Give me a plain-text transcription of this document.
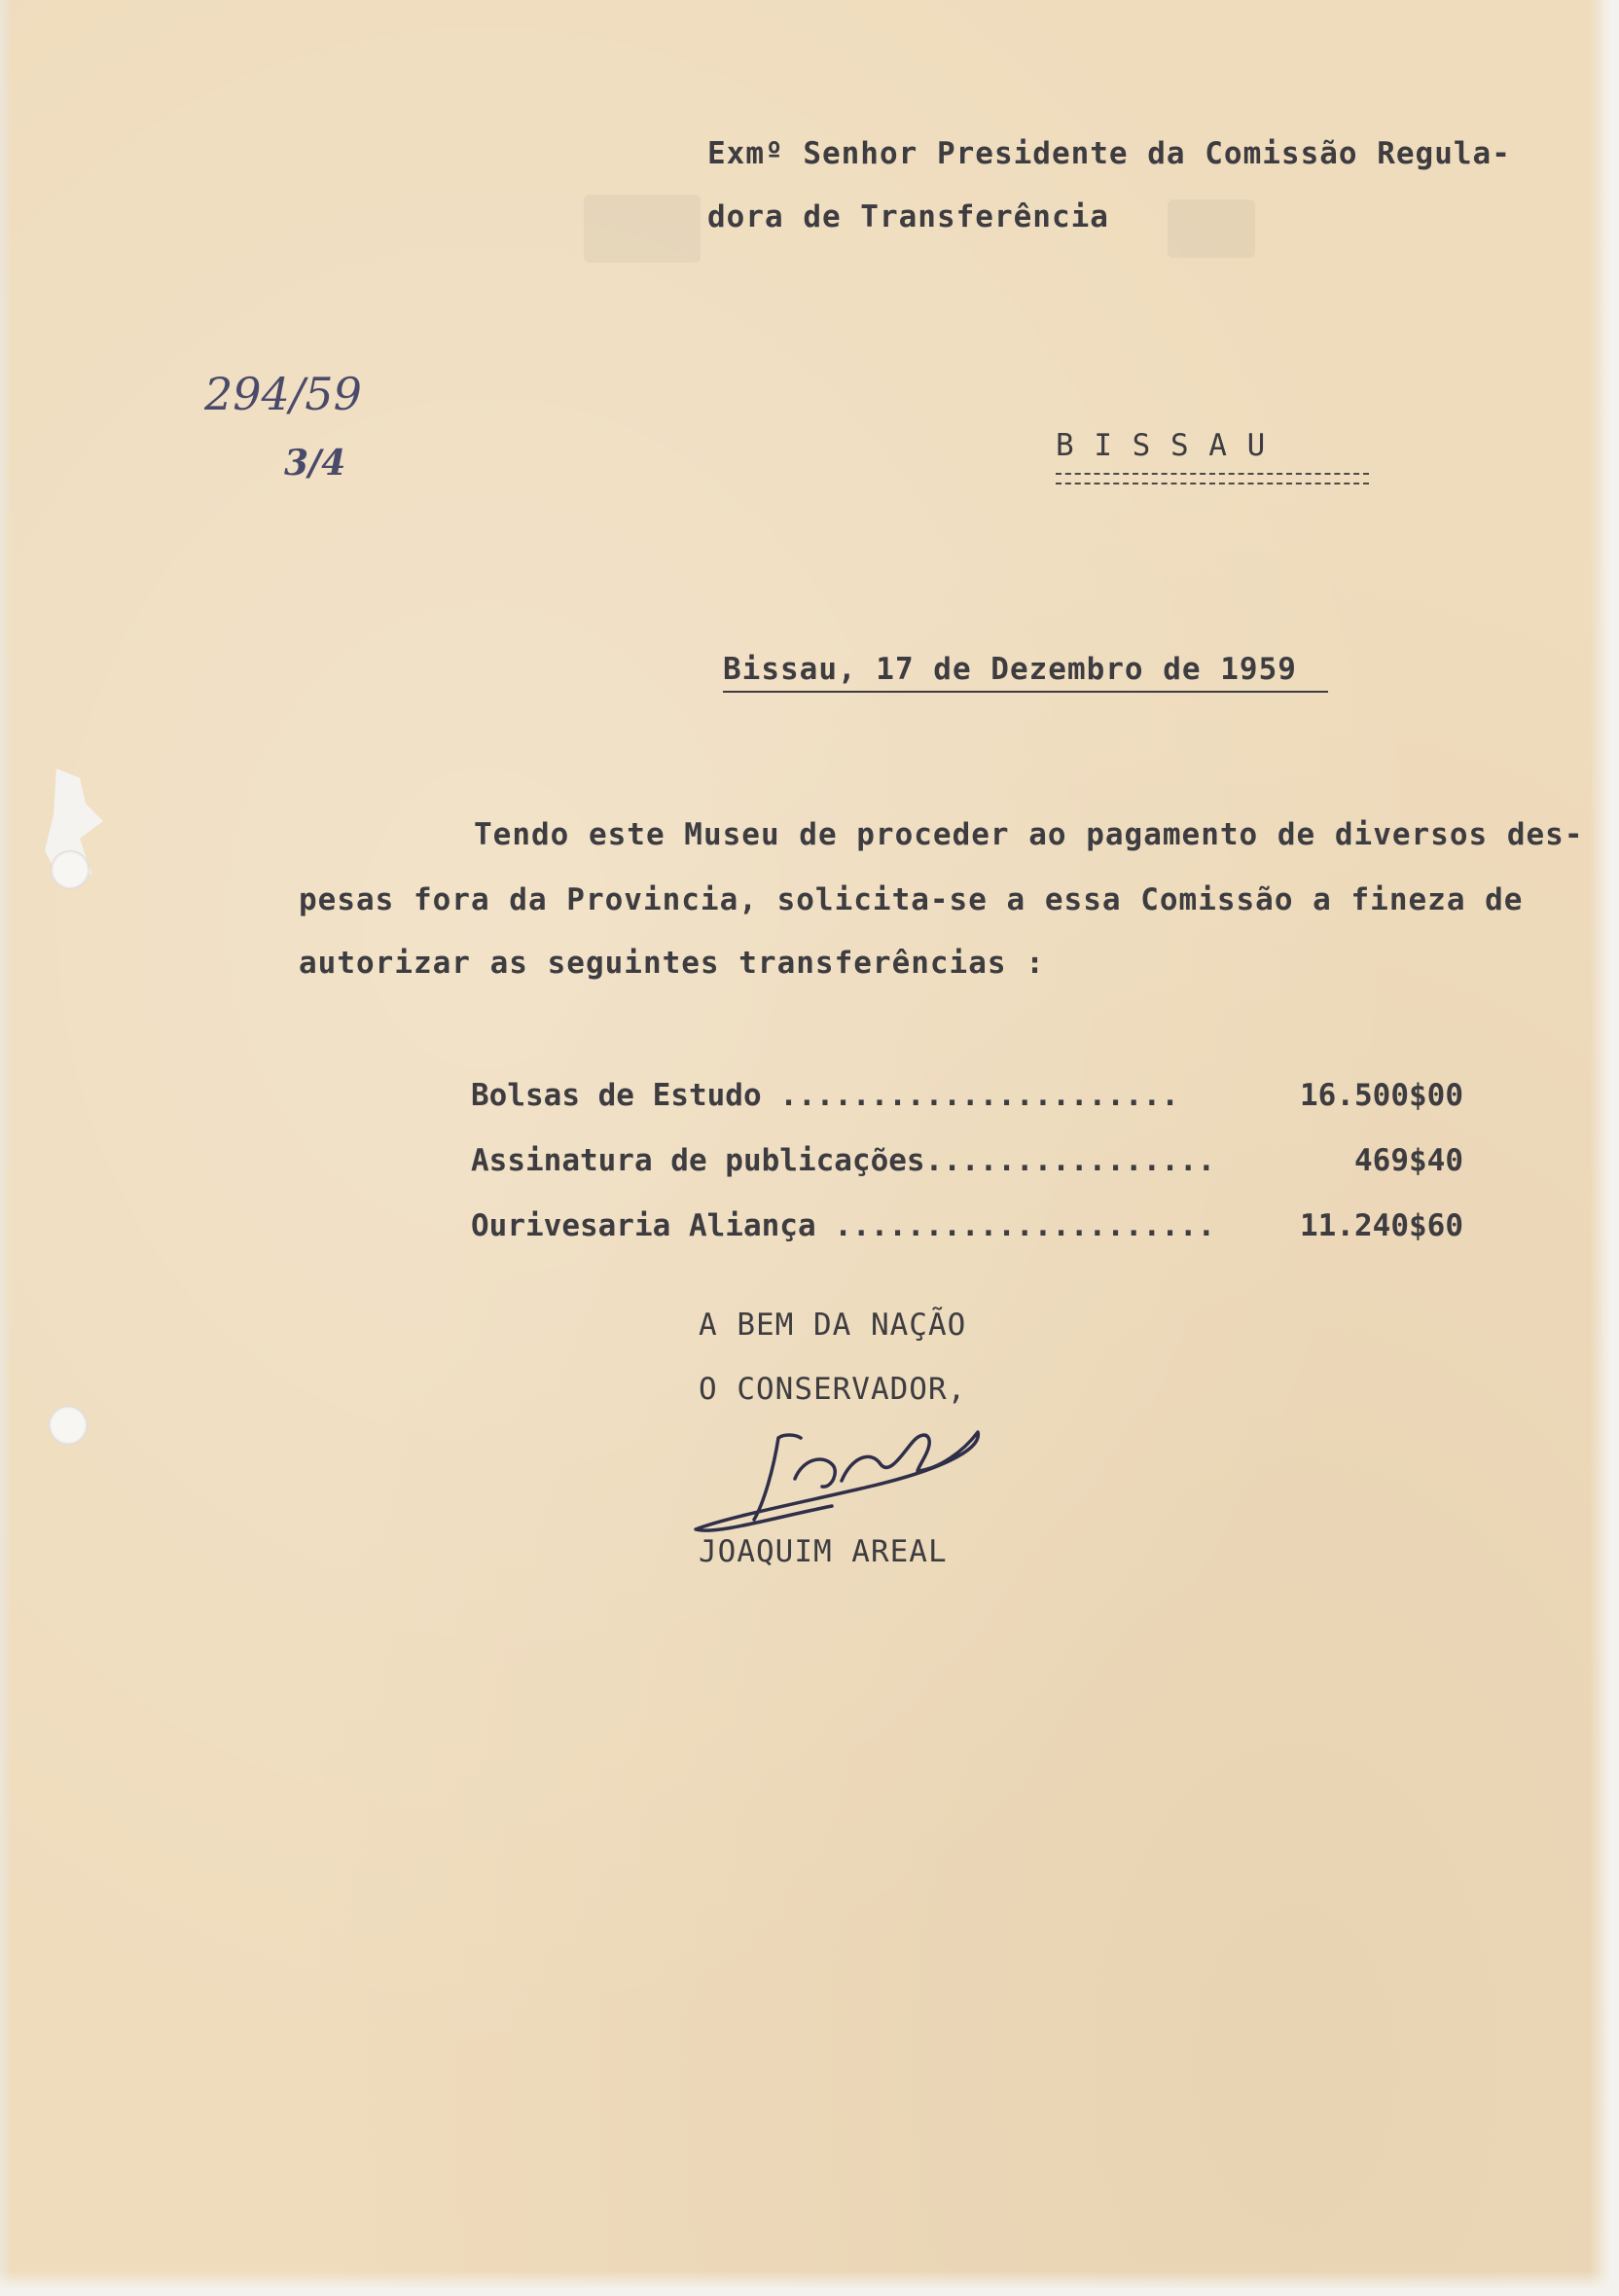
Exmº Senhor Presidente da Comissão Regula-
dora de Transferência
294/59
3/4	B I S S A U
Bissau, 17 de Dezembro de 1959
Tendo este Museu de proceder ao pagamento de diversos des-
pesas fora da Provincia, solicita-se a essa Comissão a fineza de
autorizar as seguintes transferências :
Bolsas de Estudo ......................	16.500$00
Assinatura de publicações................	469$40
Ourivesaria Aliança .....................	11.240$60
A BEM DA NAÇÃO
O CONSERVADOR,
JOAQUIM AREAL
